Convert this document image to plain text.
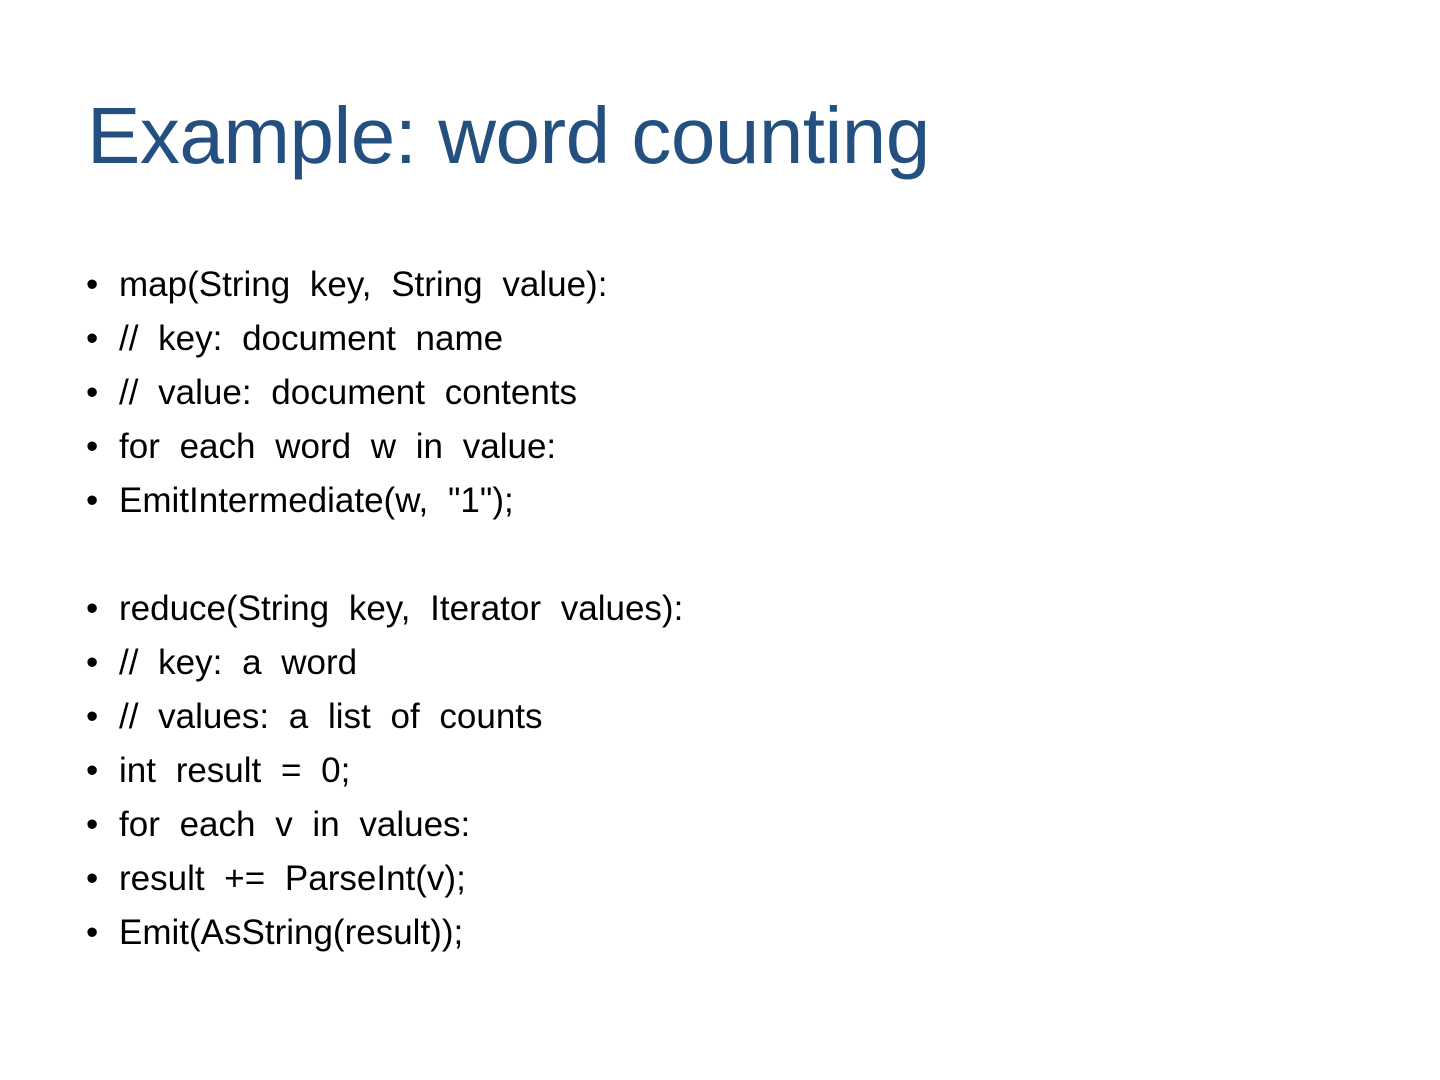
Example: word counting
• map(String key, String value):
• // key: document name
• // value: document contents
• for each word w in value:
• EmitIntermediate(w, "1");
• reduce(String key, Iterator values):
• // key: a word
• // values: a list of counts
• int result = 0;
• for each v in values:
• result += ParseInt(v);
• Emit(AsString(result));
